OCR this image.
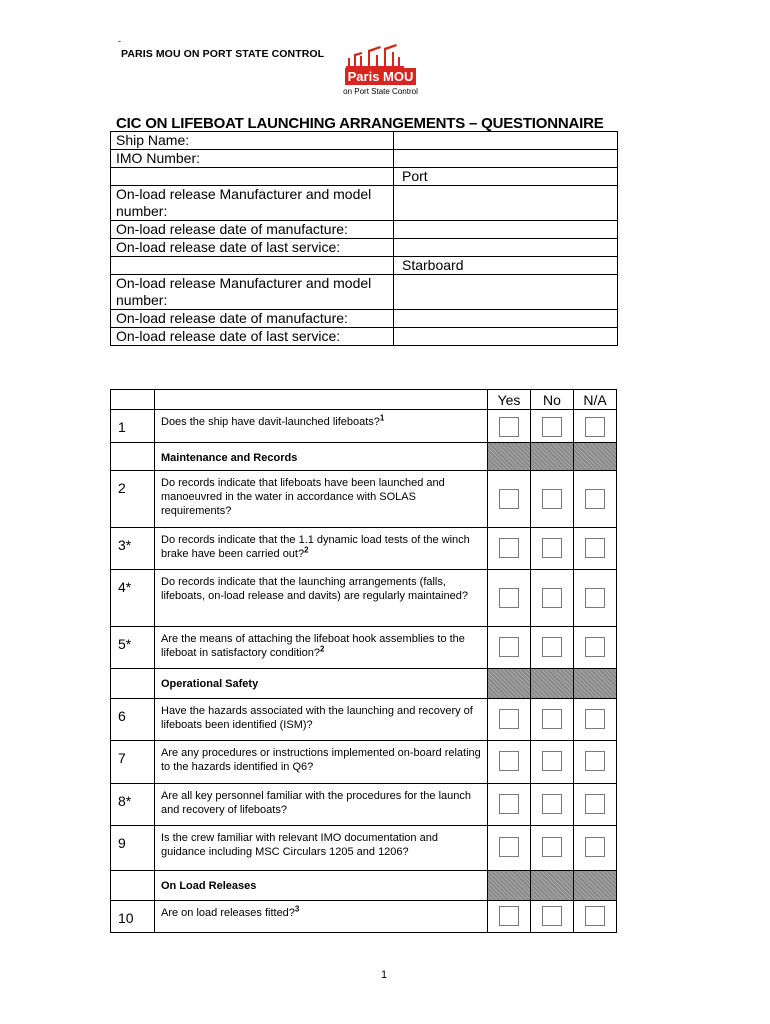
-
PARIS MOU ON PORT STATE CONTROL
Paris MOU
on Port State Control
CIC ON LIFEBOAT LAUNCHING ARRANGEMENTS – QUESTIONNAIRE
Ship Name:	
IMO Number:	
	Port
On-load release Manufacturer and model number:	
On-load release date of manufacture:	
On-load release date of last service:	
	Starboard
On-load release Manufacturer and model number:	
On-load release date of manufacture:	
On-load release date of last service:	
		Yes	No	N/A
1	Does the ship have davit-launched lifeboats?$^1$			
	Maintenance and Records			
2	Do records indicate that lifeboats have been launched and manoeuvred in the water in accordance with SOLAS requirements?			
3*	Do records indicate that the 1.1 dynamic load tests of the winch brake have been carried out?$^2$			
4*	Do records indicate that the launching arrangements (falls, lifeboats, on-load release and davits) are regularly maintained?			
5*	Are the means of attaching the lifeboat hook assemblies to the lifeboat in satisfactory condition?$^2$			
	Operational Safety			
6	Have the hazards associated with the launching and recovery of lifeboats been identified (ISM)?			
7	Are any procedures or instructions implemented on-board relating to the hazards identified in Q6?			
8*	Are all key personnel familiar with the procedures for the launch and recovery of lifeboats?			
9	Is the crew familiar with relevant IMO documentation and guidance including MSC Circulars 1205 and 1206?			
	On Load Releases			
10	Are on load releases fitted?$^3$			
1
